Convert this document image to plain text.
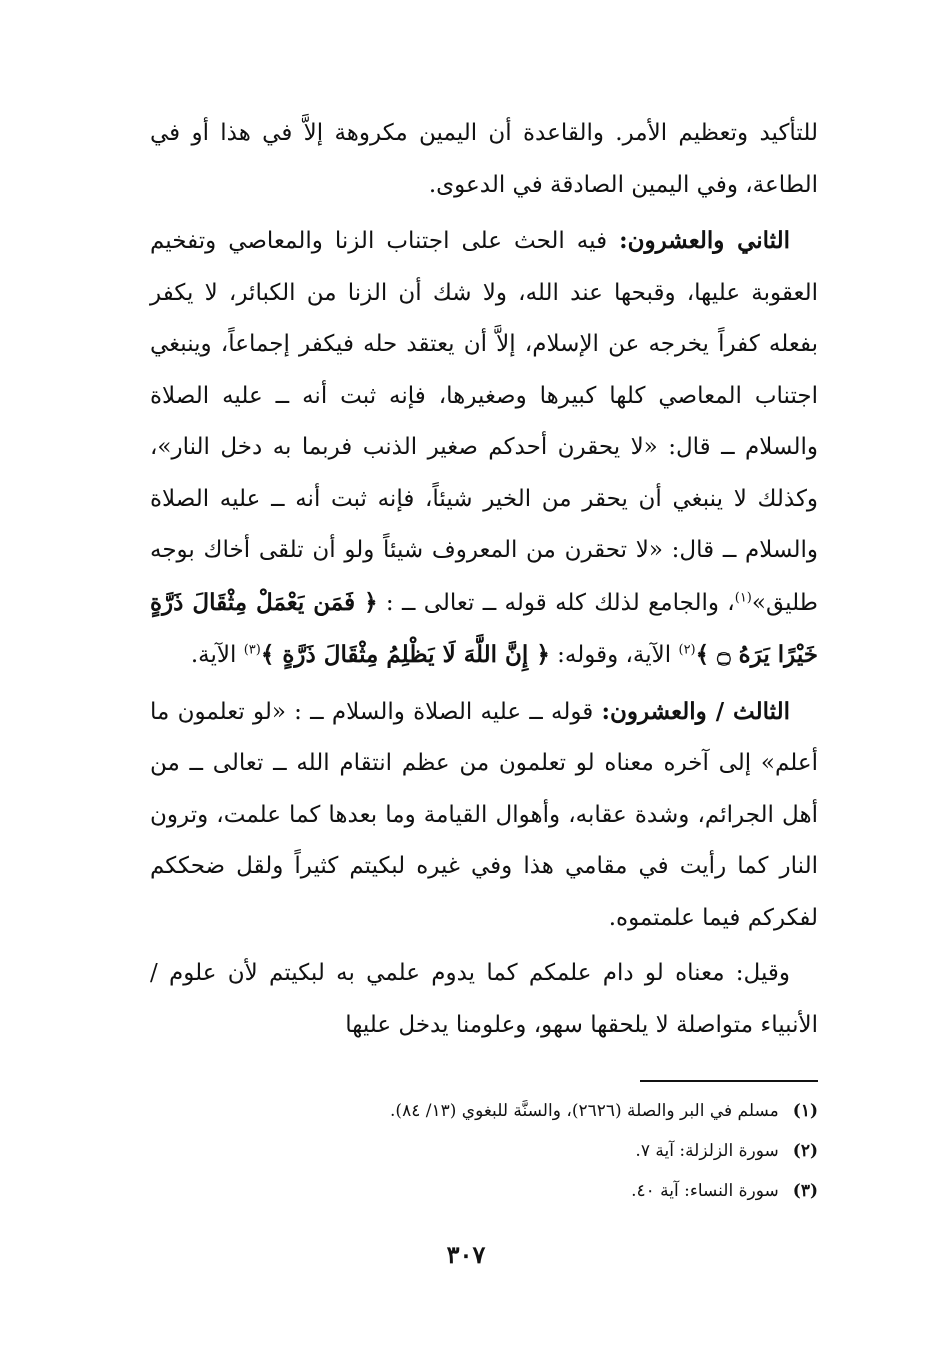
للتأكيد وتعظيم الأمر. والقاعدة أن اليمين مكروهة إلاَّ في هذا أو في الطاعة، وفي اليمين الصادقة في الدعوى.

الثاني والعشرون: فيه الحث على اجتناب الزنا والمعاصي وتفخيم العقوبة عليها، وقبحها عند الله، ولا شك أن الزنا من الكبائر، لا يكفر بفعله كفراً يخرجه عن الإسلام، إلاَّ أن يعتقد حله فيكفر إجماعاً، وينبغي اجتناب المعاصي كلها كبيرها وصغيرها، فإنه ثبت أنه ــ عليه الصلاة والسلام ــ قال: «لا يحقرن أحدكم صغير الذنب فربما به دخل النار»، وكذلك لا ينبغي أن يحقر من الخير شيئاً، فإنه ثبت أنه ــ عليه الصلاة والسلام ــ قال: «لا تحقرن من المعروف شيئاً ولو أن تلقى أخاك بوجه طليق»$^{(١)}$، والجامع لذلك كله قوله ــ تعالى ــ : ﴿ فَمَن يَعْمَلْ مِثْقَالَ ذَرَّةٍ خَيْرًا يَرَهُ ۝ ﴾$^{(٢)}$ الآية، وقوله: ﴿ إِنَّ اللَّهَ لَا يَظْلِمُ مِثْقَالَ ذَرَّةٍ ﴾$^{(٣)}$ الآية.

الثالث / والعشرون: قوله ــ عليه الصلاة والسلام ــ : «لو تعلمون ما أعلم» إلى آخره معناه لو تعلمون من عظم انتقام الله ــ تعالى ــ من أهل الجرائم، وشدة عقابه، وأهوال القيامة وما بعدها كما علمت، وترون النار كما رأيت في مقامي هذا وفي غيره لبكيتم كثيراً ولقل ضحككم لفكركم فيما علمتموه.

وقيل: معناه لو دام علمكم كما يدوم علمي به لبكيتم لأن علوم / الأنبياء متواصلة لا يلحقها سهو، وعلومنا يدخل عليها

(١)مسلم في البر والصلة (٢٦٢٦)، والسنَّة للبغوي (١٣/ ٨٤).
(٢)سورة الزلزلة: آية ٧.
(٣)سورة النساء: آية ٤٠.
٣٠٧
